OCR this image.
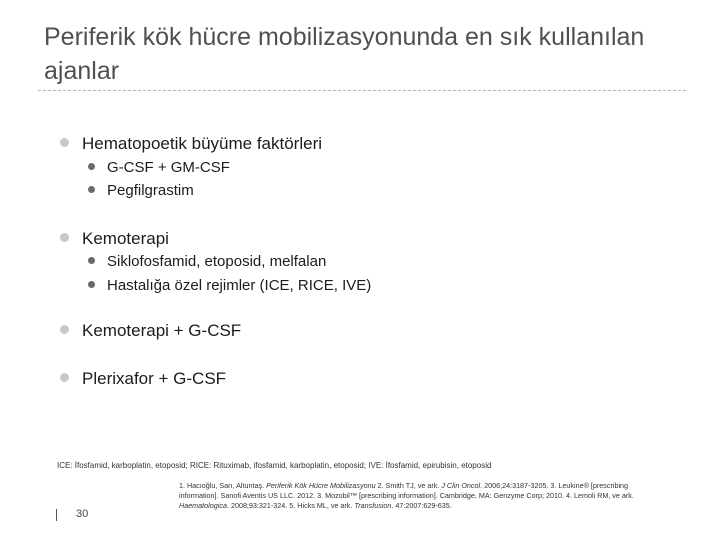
Periferik kök hücre mobilizasyonunda en sık kullanılan ajanlar
Hematopoetik büyüme faktörleri
G-CSF + GM-CSF
Pegfilgrastim
Kemoterapi
Siklofosfamid, etoposid, melfalan
Hastalığa özel rejimler (ICE, RICE, IVE)
Kemoterapi + G-CSF
Plerixafor + G-CSF
ICE: İfosfamid, karboplatin, etoposid; RICE: Rituximab, ifosfamid, karboplatin, etoposid; IVE: İfosfamid, epirubisin, etoposid
1. Hacıoğlu, Sarı, Altuntaş. Periferik Kök Hücre Mobilizasyonu 2. Smith TJ, ve ark. J Clin Oncol. 2006;24:3187-3205. 3. Leukine® [prescribing information]. Sanofi Aventis US LLC. 2012. 3. Mozobil™ [prescribing information]. Cambridge, MA: Genzyme Corp; 2010. 4. Lemoli RM, ve ark. Haematologica. 2008;93:321-324. 5. Hicks ML, ve ark. Transfusion. 47:2007:629-635.
30
